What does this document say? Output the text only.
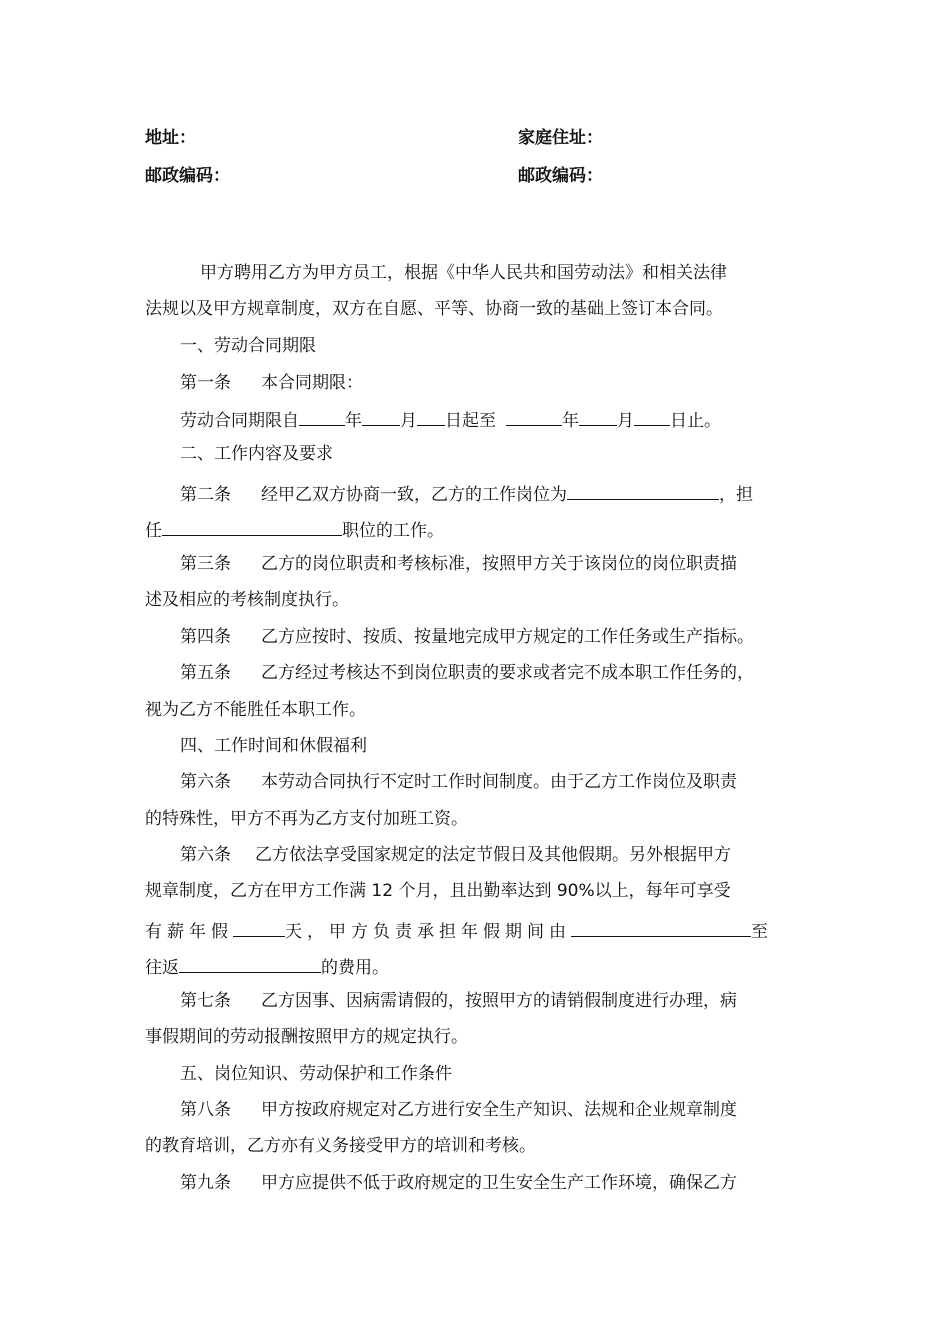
地址：	家庭住址：
邮政编码：	邮政编码：
甲方聘用乙方为甲方员工，根据《中华人民共和国劳动法》和相关法律
法规以及甲方规章制度，双方在自愿、平等、协商一致的基础上签订本合同。
一、劳动合同期限
第一条 本合同期限：
劳动合同期限自	年 月 日起至	年 月 日止。
二、工作内容及要求
第二条 经甲乙双方协商一致，乙方的工作岗位为	，担
任	职位的工作。
第三条 乙方的岗位职责和考核标准，按照甲方关于该岗位的岗位职责描
述及相应的考核制度执行。
第四条 乙方应按时、按质、按量地完成甲方规定的工作任务或生产指标。
第五条 乙方经过考核达不到岗位职责的要求或者完不成本职工作任务的，
视为乙方不能胜任本职工作。
四、工作时间和休假福利
第六条 本劳动合同执行不定时工作时间制度。由于乙方工作岗位及职责
的特殊性，甲方不再为乙方支付加班工资。
第六条 乙方依法享受国家规定的法定节假日及其他假期。另外根据甲方
规章制度，乙方在甲方工作满 12 个月，且出勤率达到 90%以上，每年可享受
有薪年假	天，甲方负责承担年假期间由	至
往返	的费用。
第七条 乙方因事、因病需请假的，按照甲方的请销假制度进行办理，病
事假期间的劳动报酬按照甲方的规定执行。
五、岗位知识、劳动保护和工作条件
第八条 甲方按政府规定对乙方进行安全生产知识、法规和企业规章制度
的教育培训，乙方亦有义务接受甲方的培训和考核。
第九条 甲方应提供不低于政府规定的卫生安全生产工作环境，确保乙方
